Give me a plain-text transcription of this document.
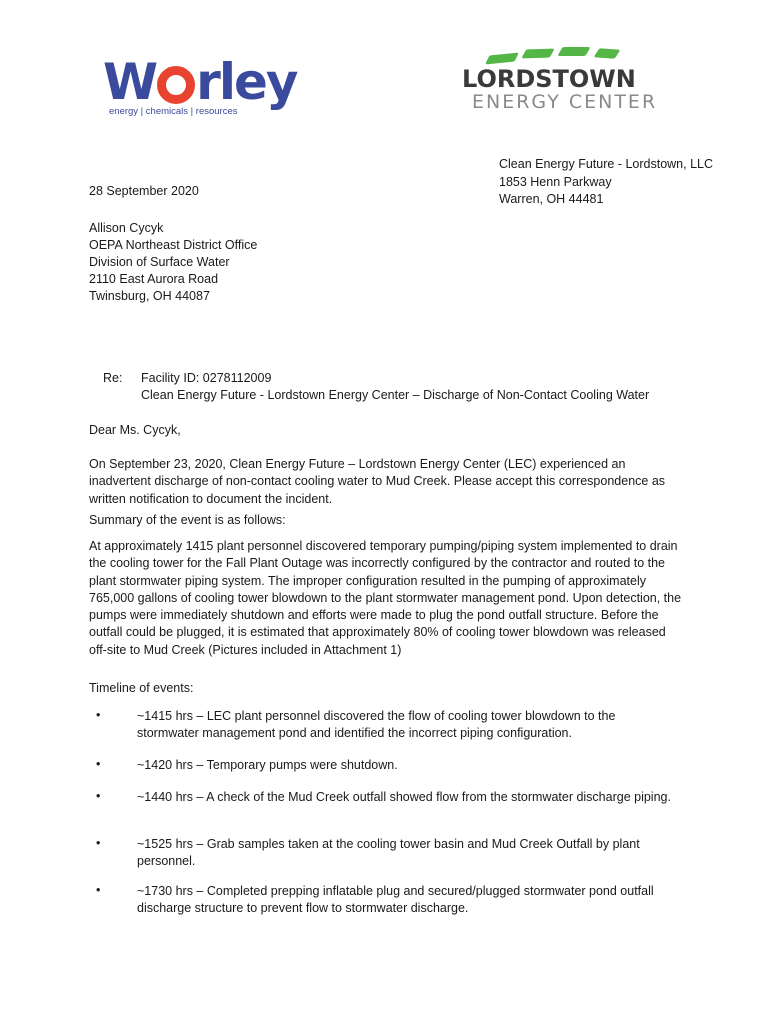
W rley
energy | chemicals | resources
LORDSTOWN
ENERGY CENTER
Clean Energy Future - Lordstown, LLC
1853 Henn Parkway
Warren, OH 44481
28 September 2020
Allison Cycyk
OEPA Northeast District Office
Division of Surface Water
2110 East Aurora Road
Twinsburg, OH 44087
Re: Facility ID: 0278112009
Clean Energy Future - Lordstown Energy Center – Discharge of Non-Contact Cooling Water
Dear Ms. Cycyk,
On September 23, 2020, Clean Energy Future – Lordstown Energy Center (LEC) experienced an inadvertent discharge of non-contact cooling water to Mud Creek. Please accept this correspondence as written notification to document the incident.
Summary of the event is as follows:
At approximately 1415 plant personnel discovered temporary pumping/piping system implemented to drain the cooling tower for the Fall Plant Outage was incorrectly configured by the contractor and routed to the plant stormwater piping system. The improper configuration resulted in the pumping of approximately 765,000 gallons of cooling tower blowdown to the plant stormwater management pond. Upon detection, the pumps were immediately shutdown and efforts were made to plug the pond outfall structure. Before the outfall could be plugged, it is estimated that approximately 80% of cooling tower blowdown was released off-site to Mud Creek (Pictures included in Attachment 1)
Timeline of events:
•	~1415 hrs – LEC plant personnel discovered the flow of cooling tower blowdown to the stormwater management pond and identified the incorrect piping configuration.
•	~1420 hrs – Temporary pumps were shutdown.
•	~1440 hrs – A check of the Mud Creek outfall showed flow from the stormwater discharge piping.
•	~1525 hrs – Grab samples taken at the cooling tower basin and Mud Creek Outfall by plant personnel.
•	~1730 hrs – Completed prepping inflatable plug and secured/plugged stormwater pond outfall discharge structure to prevent flow to stormwater discharge.
